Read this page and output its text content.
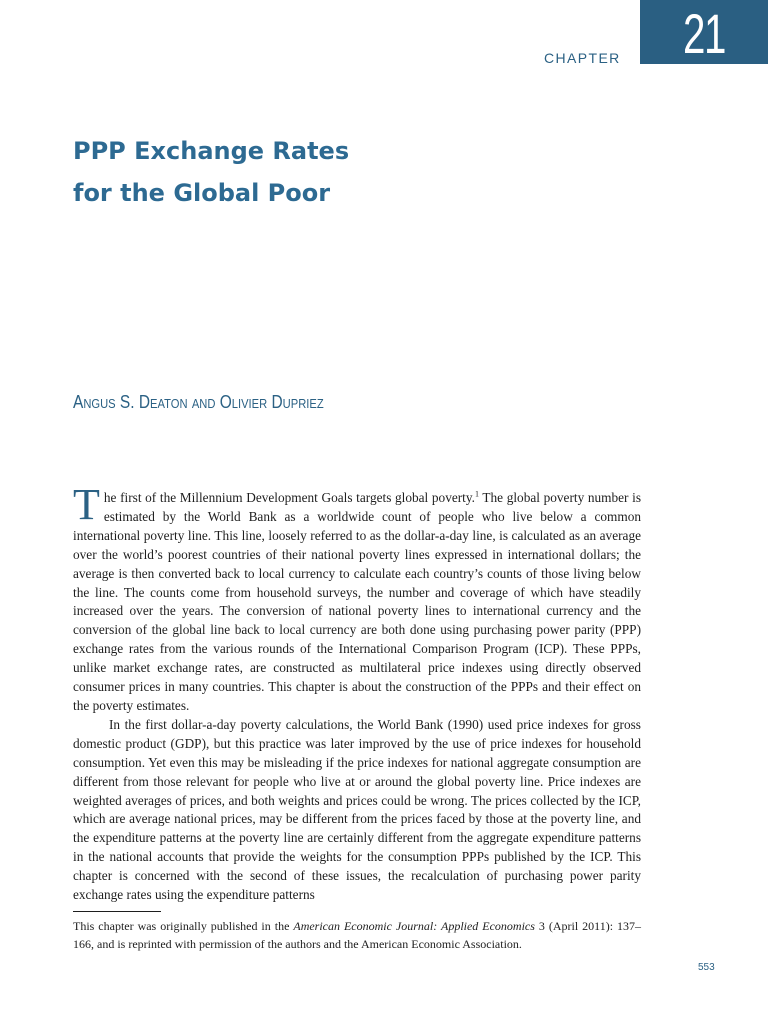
CHAPTER	21
PPP Exchange Rates
for the Global Poor
Angus S. Deaton and Olivier Dupriez

The first of the Millennium Development Goals targets global poverty.$^1$ The global poverty number is estimated by the World Bank as a worldwide count of people who live below a common international poverty line. This line, loosely referred to as the dollar-a-day line, is calculated as an average over the world’s poorest countries of their national poverty lines expressed in international dollars; the average is then converted back to local currency to calculate each country’s counts of those living below the line. The counts come from household surveys, the number and coverage of which have steadily increased over the years. The conversion of national poverty lines to international currency and the conversion of the global line back to local currency are both done using purchasing power parity (PPP) exchange rates from the various rounds of the International Comparison Program (ICP). These PPPs, unlike market exchange rates, are constructed as multilateral price indexes using directly observed consumer prices in many countries. This chapter is about the construction of the PPPs and their effect on the poverty estimates.

In the first dollar-a-day poverty calculations, the World Bank (1990) used price indexes for gross domestic product (GDP), but this practice was later improved by the use of price indexes for household consumption. Yet even this may be misleading if the price indexes for national aggregate consumption are different from those relevant for people who live at or around the global poverty line. Price indexes are weighted averages of prices, and both weights and prices could be wrong. The prices collected by the ICP, which are average national prices, may be different from the prices faced by those at the poverty line, and the expenditure patterns at the poverty line are certainly different from the aggregate expenditure patterns in the national accounts that provide the weights for the consumption PPPs published by the ICP. This chapter is concerned with the second of these issues, the recalculation of purchasing power parity exchange rates using the expenditure patterns

This chapter was originally published in the American Economic Journal: Applied Economics 3 (April 2011): 137–166, and is reprinted with permission of the authors and the American Economic Association.

553
